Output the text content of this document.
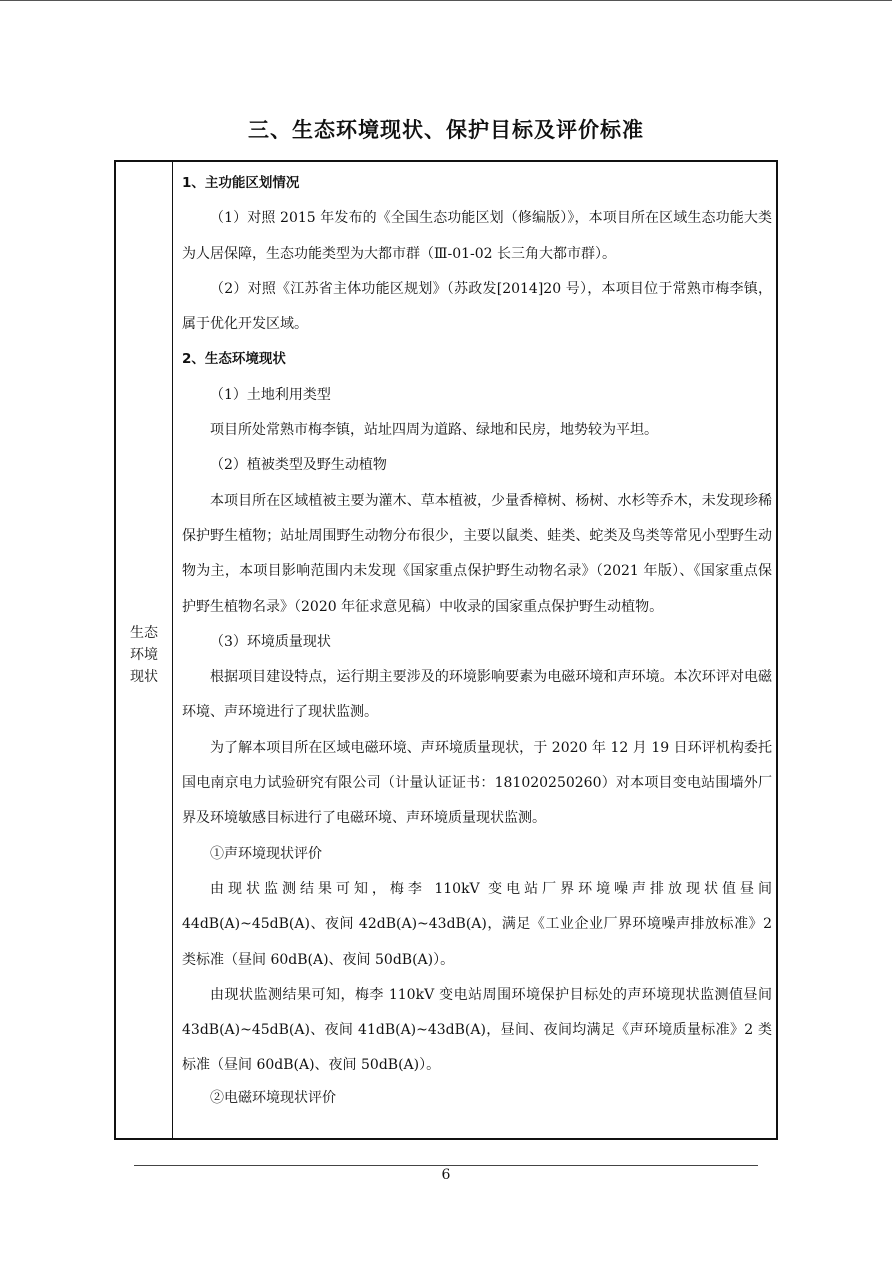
三、生态环境现状、保护目标及评价标准
生态
环境
现状

1、主功能区划情况

（1）对照 2015 年发布的《全国生态功能区划（修编版）》，本项目所在区域生态功能大类为人居保障，生态功能类型为大都市群（Ⅲ-01-02 长三角大都市群）。

（2）对照《江苏省主体功能区规划》（苏政发[2014]20 号），本项目位于常熟市梅李镇，属于优化开发区域。

2、生态环境现状

（1）土地利用类型

项目所处常熟市梅李镇，站址四周为道路、绿地和民房，地势较为平坦。

（2）植被类型及野生动植物

本项目所在区域植被主要为灌木、草本植被，少量香樟树、杨树、水杉等乔木，未发现珍稀保护野生植物；站址周围野生动物分布很少，主要以鼠类、蛙类、蛇类及鸟类等常见小型野生动物为主，本项目影响范围内未发现《国家重点保护野生动物名录》（2021 年版）、《国家重点保护野生植物名录》（2020 年征求意见稿）中收录的国家重点保护野生动植物。

（3）环境质量现状

根据项目建设特点，运行期主要涉及的环境影响要素为电磁环境和声环境。本次环评对电磁环境、声环境进行了现状监测。

为了解本项目所在区域电磁环境、声环境质量现状，于 2020 年 12 月 19 日环评机构委托国电南京电力试验研究有限公司（计量认证证书：181020250260）对本项目变电站围墙外厂界及环境敏感目标进行了电磁环境、声环境质量现状监测。

①声环境现状评价

由现状监测结果可知，梅李 110kV 变电站厂界环境噪声排放现状值昼间 44dB(A)~45dB(A)、夜间 42dB(A)~43dB(A)，满足《工业企业厂界环境噪声排放标准》2 类标准（昼间 60dB(A)、夜间 50dB(A)）。

由现状监测结果可知，梅李 110kV 变电站周围环境保护目标处的声环境现状监测值昼间 43dB(A)~45dB(A)、夜间 41dB(A)~43dB(A)，昼间、夜间均满足《声环境质量标准》2 类标准（昼间 60dB(A)、夜间 50dB(A)）。

②电磁环境现状评价

6
